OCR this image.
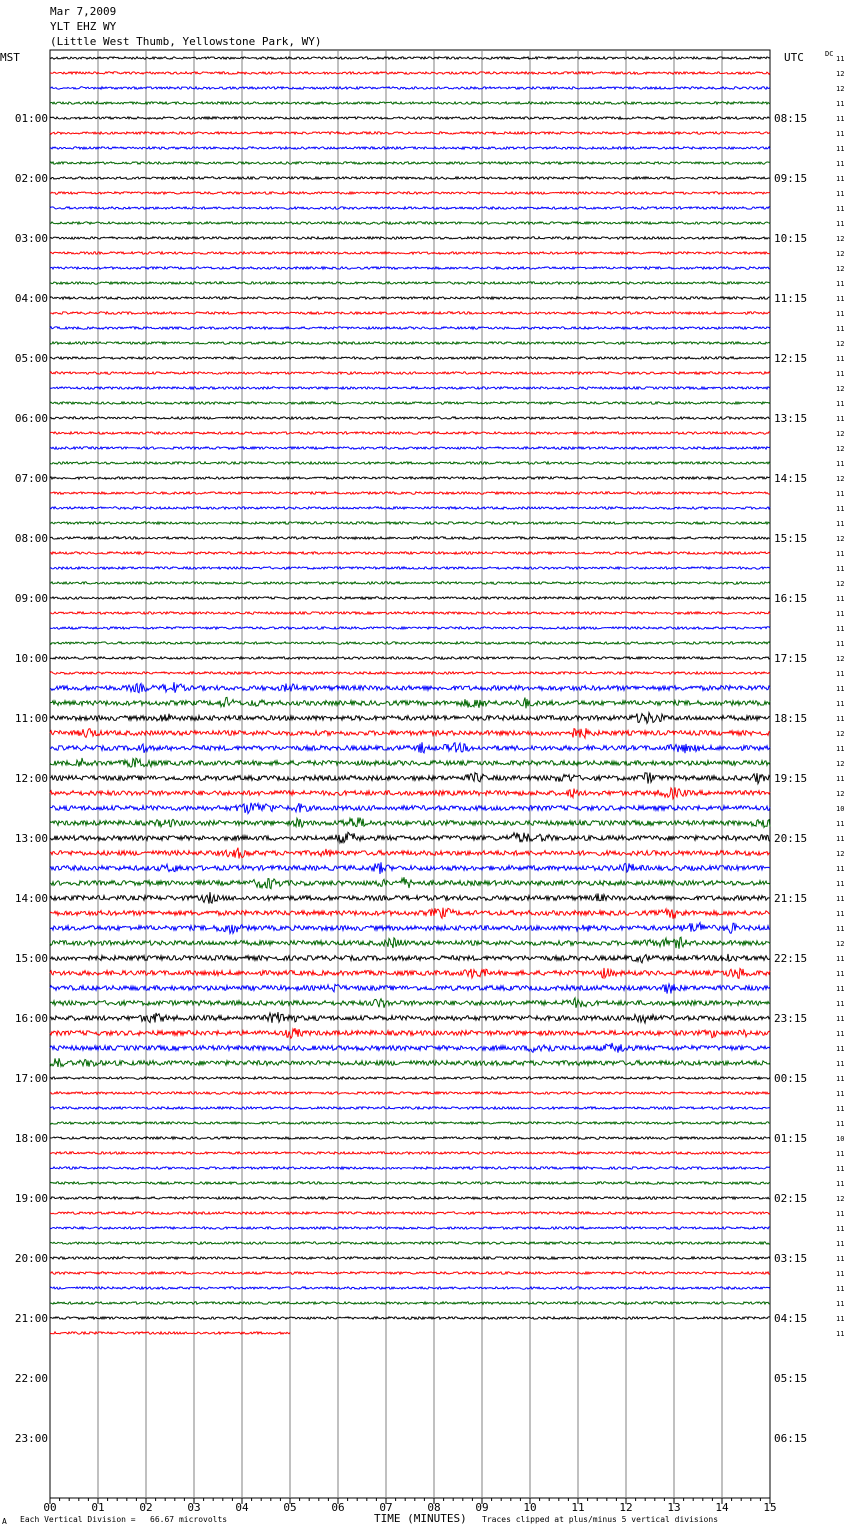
Mar 7,2009
YLT EHZ WY
(Little West Thumb, Yellowstone Park, WY)
00	01	02	03	04	05	06	07	08	09	10	11	12	13	14	15
MST	UTC	DC
01:00
02:00
03:00
04:00
05:00
06:00
07:00
08:00
09:00
10:00
11:00
12:00
13:00
14:00
15:00
16:00
17:00
18:00
19:00
20:00
21:00
22:00
23:00
08:15
09:15
10:15
11:15
12:15
13:15
14:15
15:15
16:15
17:15
18:15
19:15
20:15
21:15
22:15
23:15
00:15
01:15
02:15
03:15
04:15
05:15
06:15
11
12
12
11
11
11
11
11
11
11
11
11
12
12
12
11
11
11
11
12
11
11
12
11
11
12
12
11
12
11
11
11
12
11
11
12
11
11
11
11
12
11
11
11
11
12
11
12
11
12
10
11
11
12
11
11
11
11
11
12
11
11
11
11
11
11
11
11
11
11
11
11
10
11
11
11
12
11
11
11
11
11
11
11
11
11
A Each Vertical Division =   66.67 microvolts	TIME (MINUTES) Traces clipped at plus/minus 5 vertical divisions
